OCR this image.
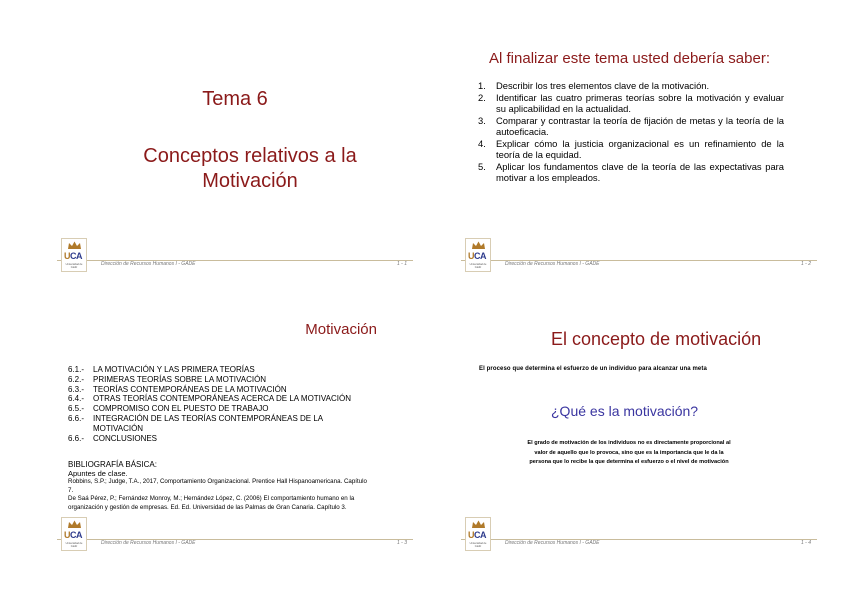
Tema 6
Conceptos relativos a la
Motivación
UCA
Universidad de Cádiz
Dirección de Recursos Humanos I - GADE	1 - 1
Al finalizar este tema usted debería saber:
1. Describir los tres elementos clave de la motivación.
2. Identificar las cuatro primeras teorías sobre la motivación y evaluar su aplicabilidad en la actualidad.
3. Comparar y contrastar la teoría de fijación de metas y la teoría de la autoeficacia.
4. Explicar cómo la justicia organizacional es un refinamiento de la teoría de la equidad.
5. Aplicar los fundamentos clave de la teoría de las expectativas para motivar a los empleados.
UCA
Universidad de Cádiz
Dirección de Recursos Humanos I - GADE	1 - 2
Motivación
6.1.- LA MOTIVACIÓN Y LAS PRIMERA TEORÍAS
6.2.- PRIMERAS TEORÍAS SOBRE LA MOTIVACIÓN
6.3.- TEORÍAS CONTEMPORÁNEAS DE LA MOTIVACIÓN
6.4.- OTRAS TEORÍAS CONTEMPORÁNEAS ACERCA DE LA MOTIVACIÓN
6.5.- COMPROMISO CON EL PUESTO DE TRABAJO
6.6.- INTEGRACIÓN DE LAS TEORÍAS CONTEMPORÁNEAS DE LA MOTIVACIÓN
6.6.- CONCLUSIONES
BIBLIOGRAFÍA BÁSICA:
Apuntes de clase.
Robbins, S.P.; Judge, T.A., 2017, Comportamiento Organizacional. Prentice Hall Hispanoamericana. Capítulo 7.
De Saá Pérez, P.; Fernández Monroy, M.; Hernández López, C. (2006) El comportamiento humano en la organización y gestión de empresas. Ed. Ed. Universidad de las Palmas de Gran Canaria. Capítulo 3.
UCA
Universidad de Cádiz
Dirección de Recursos Humanos I - GADE	1 - 3
El concepto de motivación
El proceso que determina el esfuerzo de un individuo para alcanzar una meta
¿Qué es la motivación?
El grado de motivación de los individuos no es directamente proporcional al valor de aquello que lo provoca, sino que es la importancia que le da la persona que lo recibe la que determina el esfuerzo o el nivel de motivación
UCA
Universidad de Cádiz
Dirección de Recursos Humanos I - GADE	1 - 4
